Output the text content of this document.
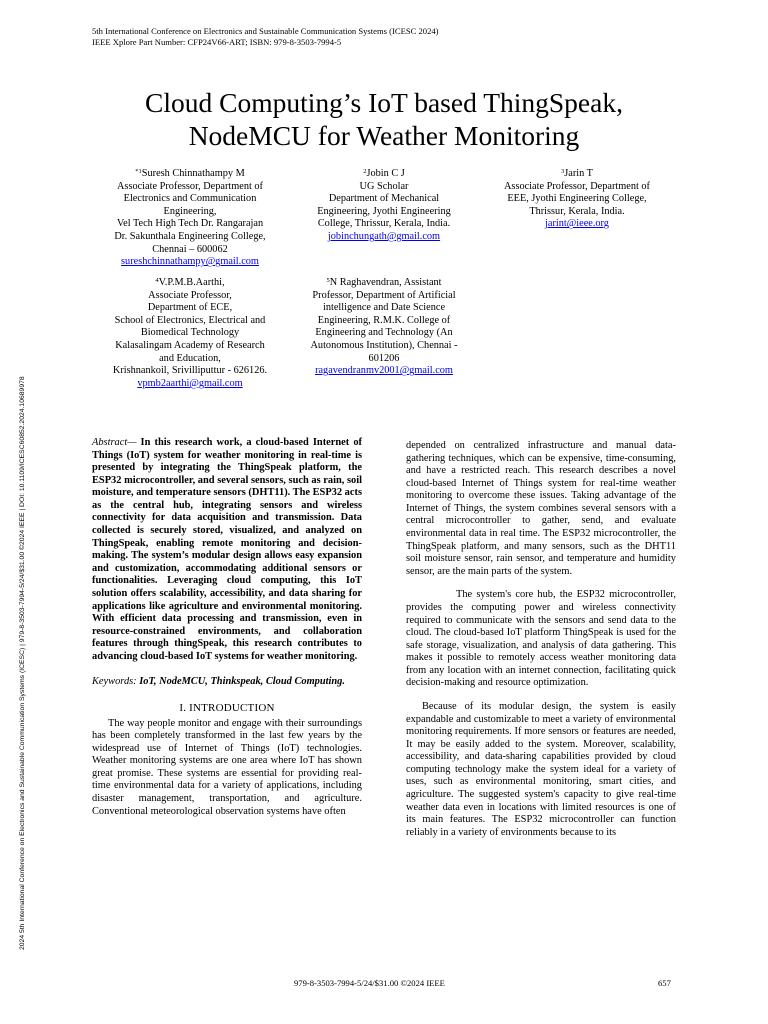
5th International Conference on Electronics and Sustainable Communication Systems (ICESC 2024)
IEEE Xplore Part Number: CFP24V66-ART; ISBN: 979-8-3503-7994-5
2024 5th International Conference on Electronics and Sustainable Communication Systems (ICESC) | 979-8-3503-7994-5/24/$31.00 ©2024 IEEE | DOI: 10.1109/ICESC60852.2024.10689978
Cloud Computing’s IoT based ThingSpeak,
NodeMCU for Weather Monitoring
$^{*1}$Suresh Chinnathampy M
Associate Professor, Department of
Electronics and Communication
Engineering,
Vel Tech High Tech Dr. Rangarajan
Dr. Sakunthala Engineering College,
Chennai – 600062
sureshchinnathampy@gmail.com
$^2$Jobin C J
UG Scholar
Department of Mechanical
Engineering, Jyothi Engineering
College, Thrissur, Kerala, India.
jobinchungath@gmail.com
$^3$Jarin T
Associate Professor, Department of
EEE, Jyothi Engineering College,
Thrissur, Kerala, India.
jarint@ieee.org
$^4$V.P.M.B.Aarthi,
Associate Professor,
Department of ECE,
School of Electronics, Electrical and
Biomedical Technology
Kalasalingam Academy of Research
and Education,
Krishnankoil, Srivilliputtur - 626126.
vpmb2aarthi@gmail.com
$^5$N Raghavendran, Assistant
Professor, Department of Artificial
intelligence and Date Science
Engineering, R.M.K. College of
Engineering and Technology (An
Autonomous Institution), Chennai -
601206
ragavendranmv2001@gmail.com

Abstract— In this research work, a cloud-based Internet of Things (IoT) system for weather monitoring in real-time is presented by integrating the ThingSpeak platform, the ESP32 microcontroller, and several sensors, such as rain, soil moisture, and temperature sensors (DHT11). The ESP32 acts as the central hub, integrating sensors and wireless connectivity for data acquisition and transmission. Data collected is securely stored, visualized, and analyzed on ThingSpeak, enabling remote monitoring and decision-making. The system’s modular design allows easy expansion and customization, accommodating additional sensors or functionalities. Leveraging cloud computing, this IoT solution offers scalability, accessibility, and data sharing for applications like agriculture and environmental monitoring. With efficient data processing and transmission, even in resource-constrained environments, and collaboration features through thingSpeak, this research contributes to advancing cloud-based IoT systems for weather monitoring.

Keywords: IoT, NodeMCU, Thinkspeak, Cloud Computing.

I. INTRODUCTION

The way people monitor and engage with their surroundings has been completely transformed in the last few years by the widespread use of Internet of Things (IoT) technologies. Weather monitoring systems are one area where IoT has shown great promise. These systems are essential for providing real-time environmental data for a variety of applications, including disaster management, transportation, and agriculture. Conventional meteorological observation systems have often

depended on centralized infrastructure and manual data-gathering techniques, which can be expensive, time-consuming, and have a restricted reach. This research describes a novel cloud-based Internet of Things system for real-time weather monitoring to overcome these issues. Taking advantage of the Internet of Things, the system combines several sensors with a central microcontroller to gather, send, and evaluate environmental data in real time. The ESP32 microcontroller, the ThingSpeak platform, and many sensors, such as the DHT11 soil moisture sensor, rain sensor, and temperature and humidity sensor, are the main parts of the system.

The system's core hub, the ESP32 microcontroller, provides the computing power and wireless connectivity required to communicate with the sensors and send data to the cloud. The cloud-based IoT platform ThingSpeak is used for the safe storage, visualization, and analysis of data gathering. This makes it possible to remotely access weather monitoring data from any location with an internet connection, facilitating quick decision-making and resource optimization.

Because of its modular design, the system is easily expandable and customizable to meet a variety of environmental monitoring requirements. If more sensors or features are needed, It may be easily added to the system. Moreover, scalability, accessibility, and data-sharing capabilities provided by cloud computing technology make the system ideal for a variety of uses, such as environmental monitoring, smart cities, and agriculture. The suggested system's capacity to give real-time weather data even in locations with limited resources is one of its main features. The ESP32 microcontroller can function reliably in a variety of environments because to its

979-8-3503-7994-5/24/$31.00 ©2024 IEEE	657
